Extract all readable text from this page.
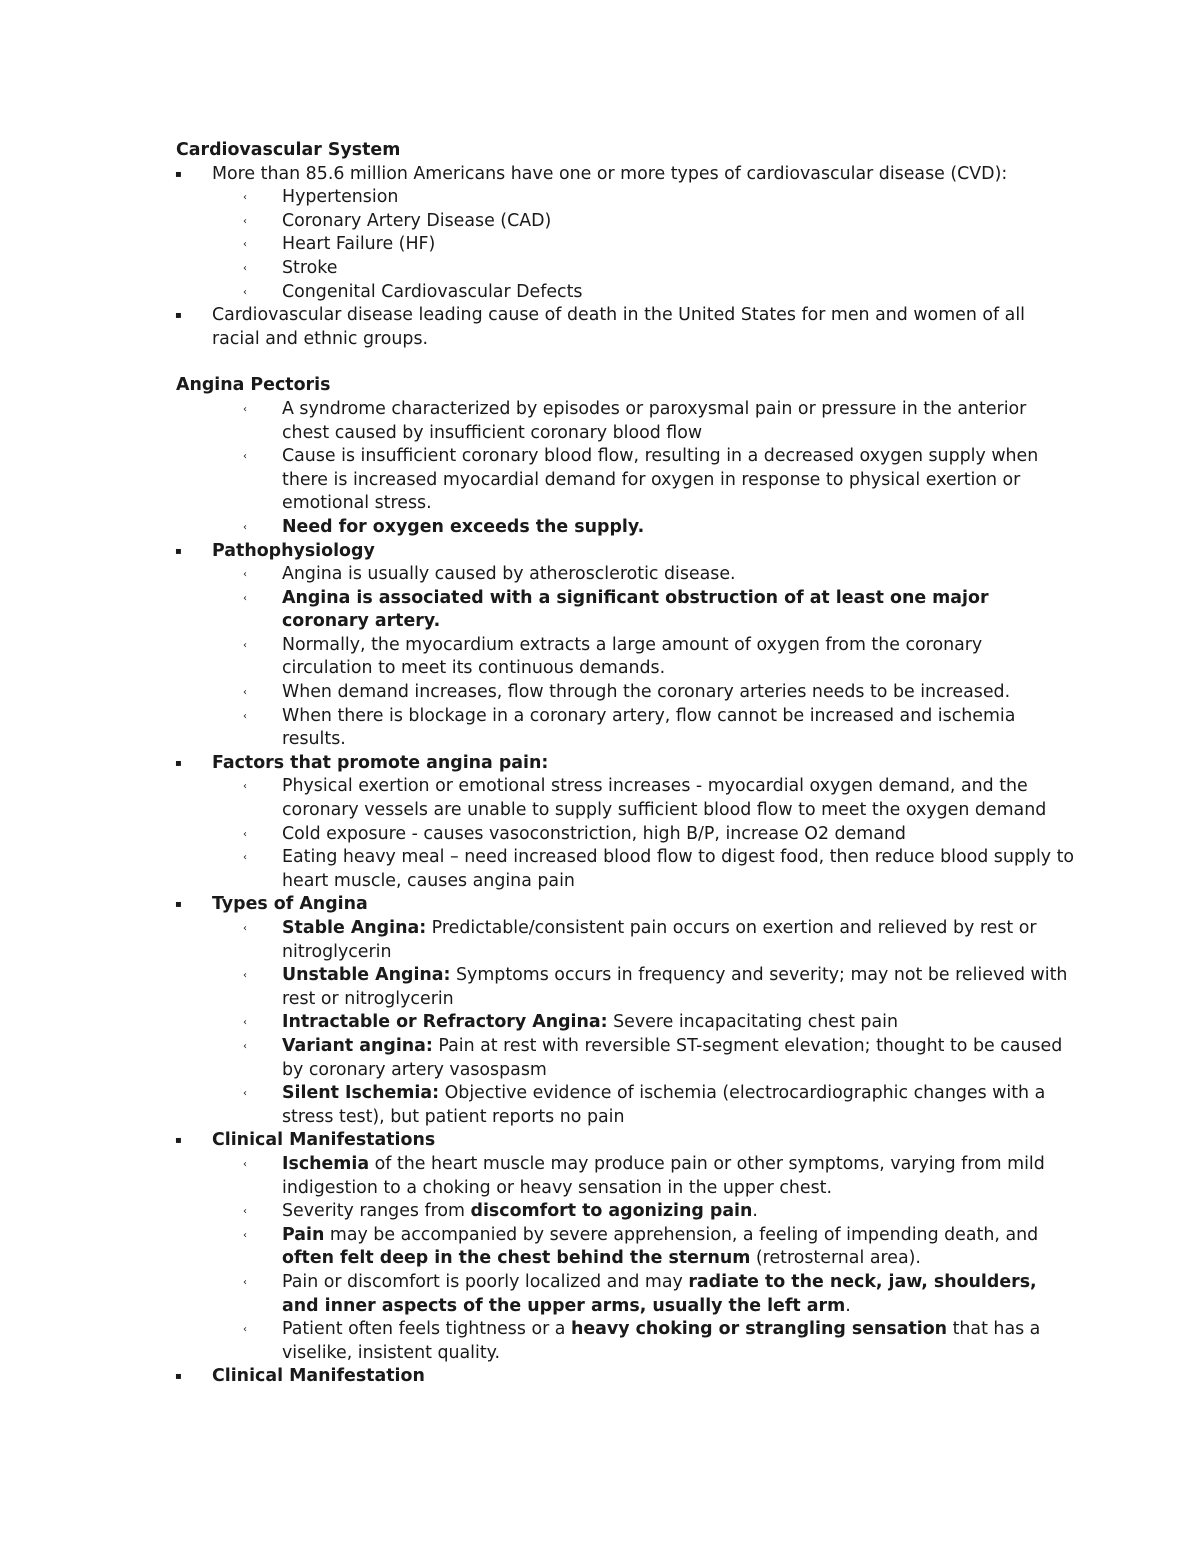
Cardiovascular System
▪ More than 85.6 million Americans have one or more types of cardiovascular disease (CVD):
‹ Hypertension
‹ Coronary Artery Disease (CAD)
‹ Heart Failure (HF)
‹ Stroke
‹ Congenital Cardiovascular Defects
▪ Cardiovascular disease leading cause of death in the United States for men and women of all racial and ethnic groups.
Angina Pectoris
‹ A syndrome characterized by episodes or paroxysmal pain or pressure in the anterior chest caused by insufficient coronary blood flow
‹ Cause is insufficient coronary blood flow, resulting in a decreased oxygen supply when there is increased myocardial demand for oxygen in response to physical exertion or emotional stress.
‹ Need for oxygen exceeds the supply.
▪ Pathophysiology
‹ Angina is usually caused by atherosclerotic disease.
‹ Angina is associated with a significant obstruction of at least one major coronary artery.
‹ Normally, the myocardium extracts a large amount of oxygen from the coronary circulation to meet its continuous demands.
‹ When demand increases, flow through the coronary arteries needs to be increased.
‹ When there is blockage in a coronary artery, flow cannot be increased and ischemia results.
▪ Factors that promote angina pain:
‹ Physical exertion or emotional stress increases - myocardial oxygen demand, and the coronary vessels are unable to supply sufficient blood flow to meet the oxygen demand
‹ Cold exposure - causes vasoconstriction, high B/P, increase O2 demand
‹ Eating heavy meal – need increased blood flow to digest food, then reduce blood supply to heart muscle, causes angina pain
▪ Types of Angina
‹ Stable Angina: Predictable/consistent pain occurs on exertion and relieved by rest or nitroglycerin
‹ Unstable Angina: Symptoms occurs in frequency and severity; may not be relieved with rest or nitroglycerin
‹ Intractable or Refractory Angina: Severe incapacitating chest pain
‹ Variant angina: Pain at rest with reversible ST-segment elevation; thought to be caused by coronary artery vasospasm
‹ Silent Ischemia: Objective evidence of ischemia (electrocardiographic changes with a stress test), but patient reports no pain
▪ Clinical Manifestations
‹ Ischemia of the heart muscle may produce pain or other symptoms, varying from mild indigestion to a choking or heavy sensation in the upper chest.
‹ Severity ranges from discomfort to agonizing pain.
‹ Pain may be accompanied by severe apprehension, a feeling of impending death, and often felt deep in the chest behind the sternum (retrosternal area).
‹ Pain or discomfort is poorly localized and may radiate to the neck, jaw, shoulders, and inner aspects of the upper arms, usually the left arm.
‹ Patient often feels tightness or a heavy choking or strangling sensation that has a viselike, insistent quality.
▪ Clinical Manifestation
